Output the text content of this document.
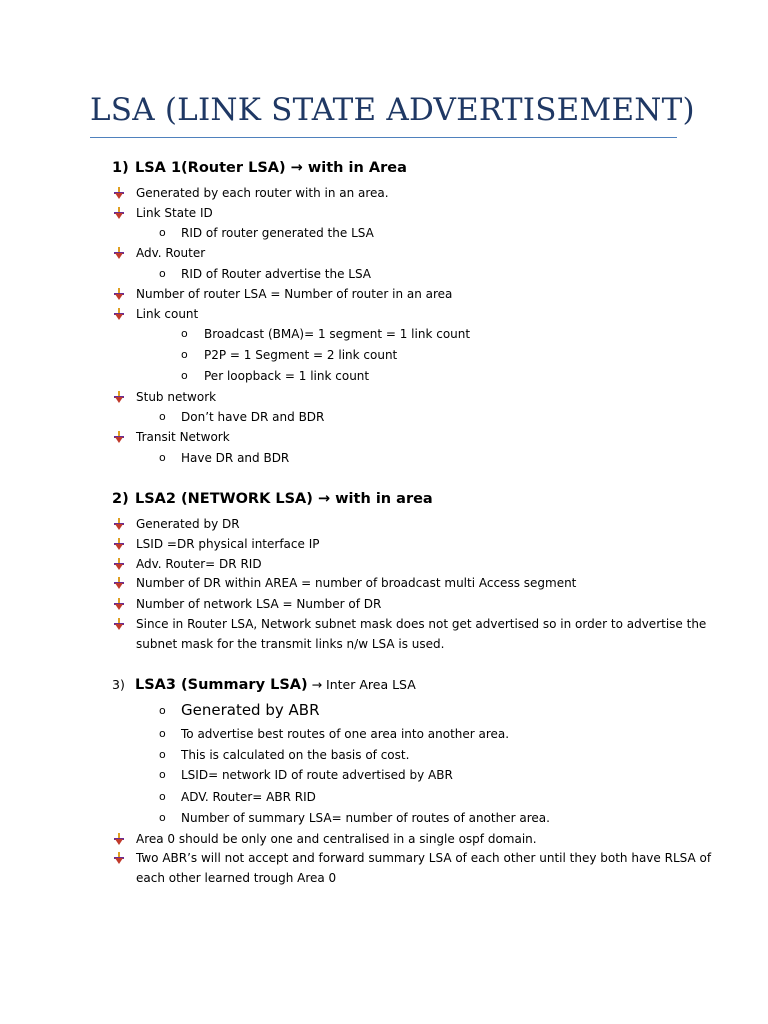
LSA (LINK STATE ADVERTISEMENT)
1) LSA 1(Router LSA) → with in Area
Generated by each router with in an area.
Link State ID
o RID of router generated the LSA
Adv. Router
o RID of Router advertise the LSA
Number of router LSA = Number of router in an area
Link count
o Broadcast (BMA)= 1 segment = 1 link count
o P2P = 1 Segment = 2 link count
o Per loopback = 1 link count
Stub network
o Don’t have DR and BDR
Transit Network
o Have DR and BDR
2) LSA2 (NETWORK LSA) → with in area
Generated by DR
LSID =DR physical interface IP
Adv. Router= DR RID
Number of DR within AREA = number of broadcast multi Access segment
Number of network LSA = Number of DR
Since in Router LSA, Network subnet mask does not get advertised so in order to advertise the
subnet mask for the transmit links n/w LSA is used.
3) LSA3 (Summary LSA) → Inter Area LSA
o Generated by ABR
o To advertise best routes of one area into another area.
o This is calculated on the basis of cost.
o LSID= network ID of route advertised by ABR
o ADV. Router= ABR RID
o Number of summary LSA= number of routes of another area.
Area 0 should be only one and centralised in a single ospf domain.
Two ABR’s will not accept and forward summary LSA of each other until they both have RLSA of
each other learned trough Area 0
